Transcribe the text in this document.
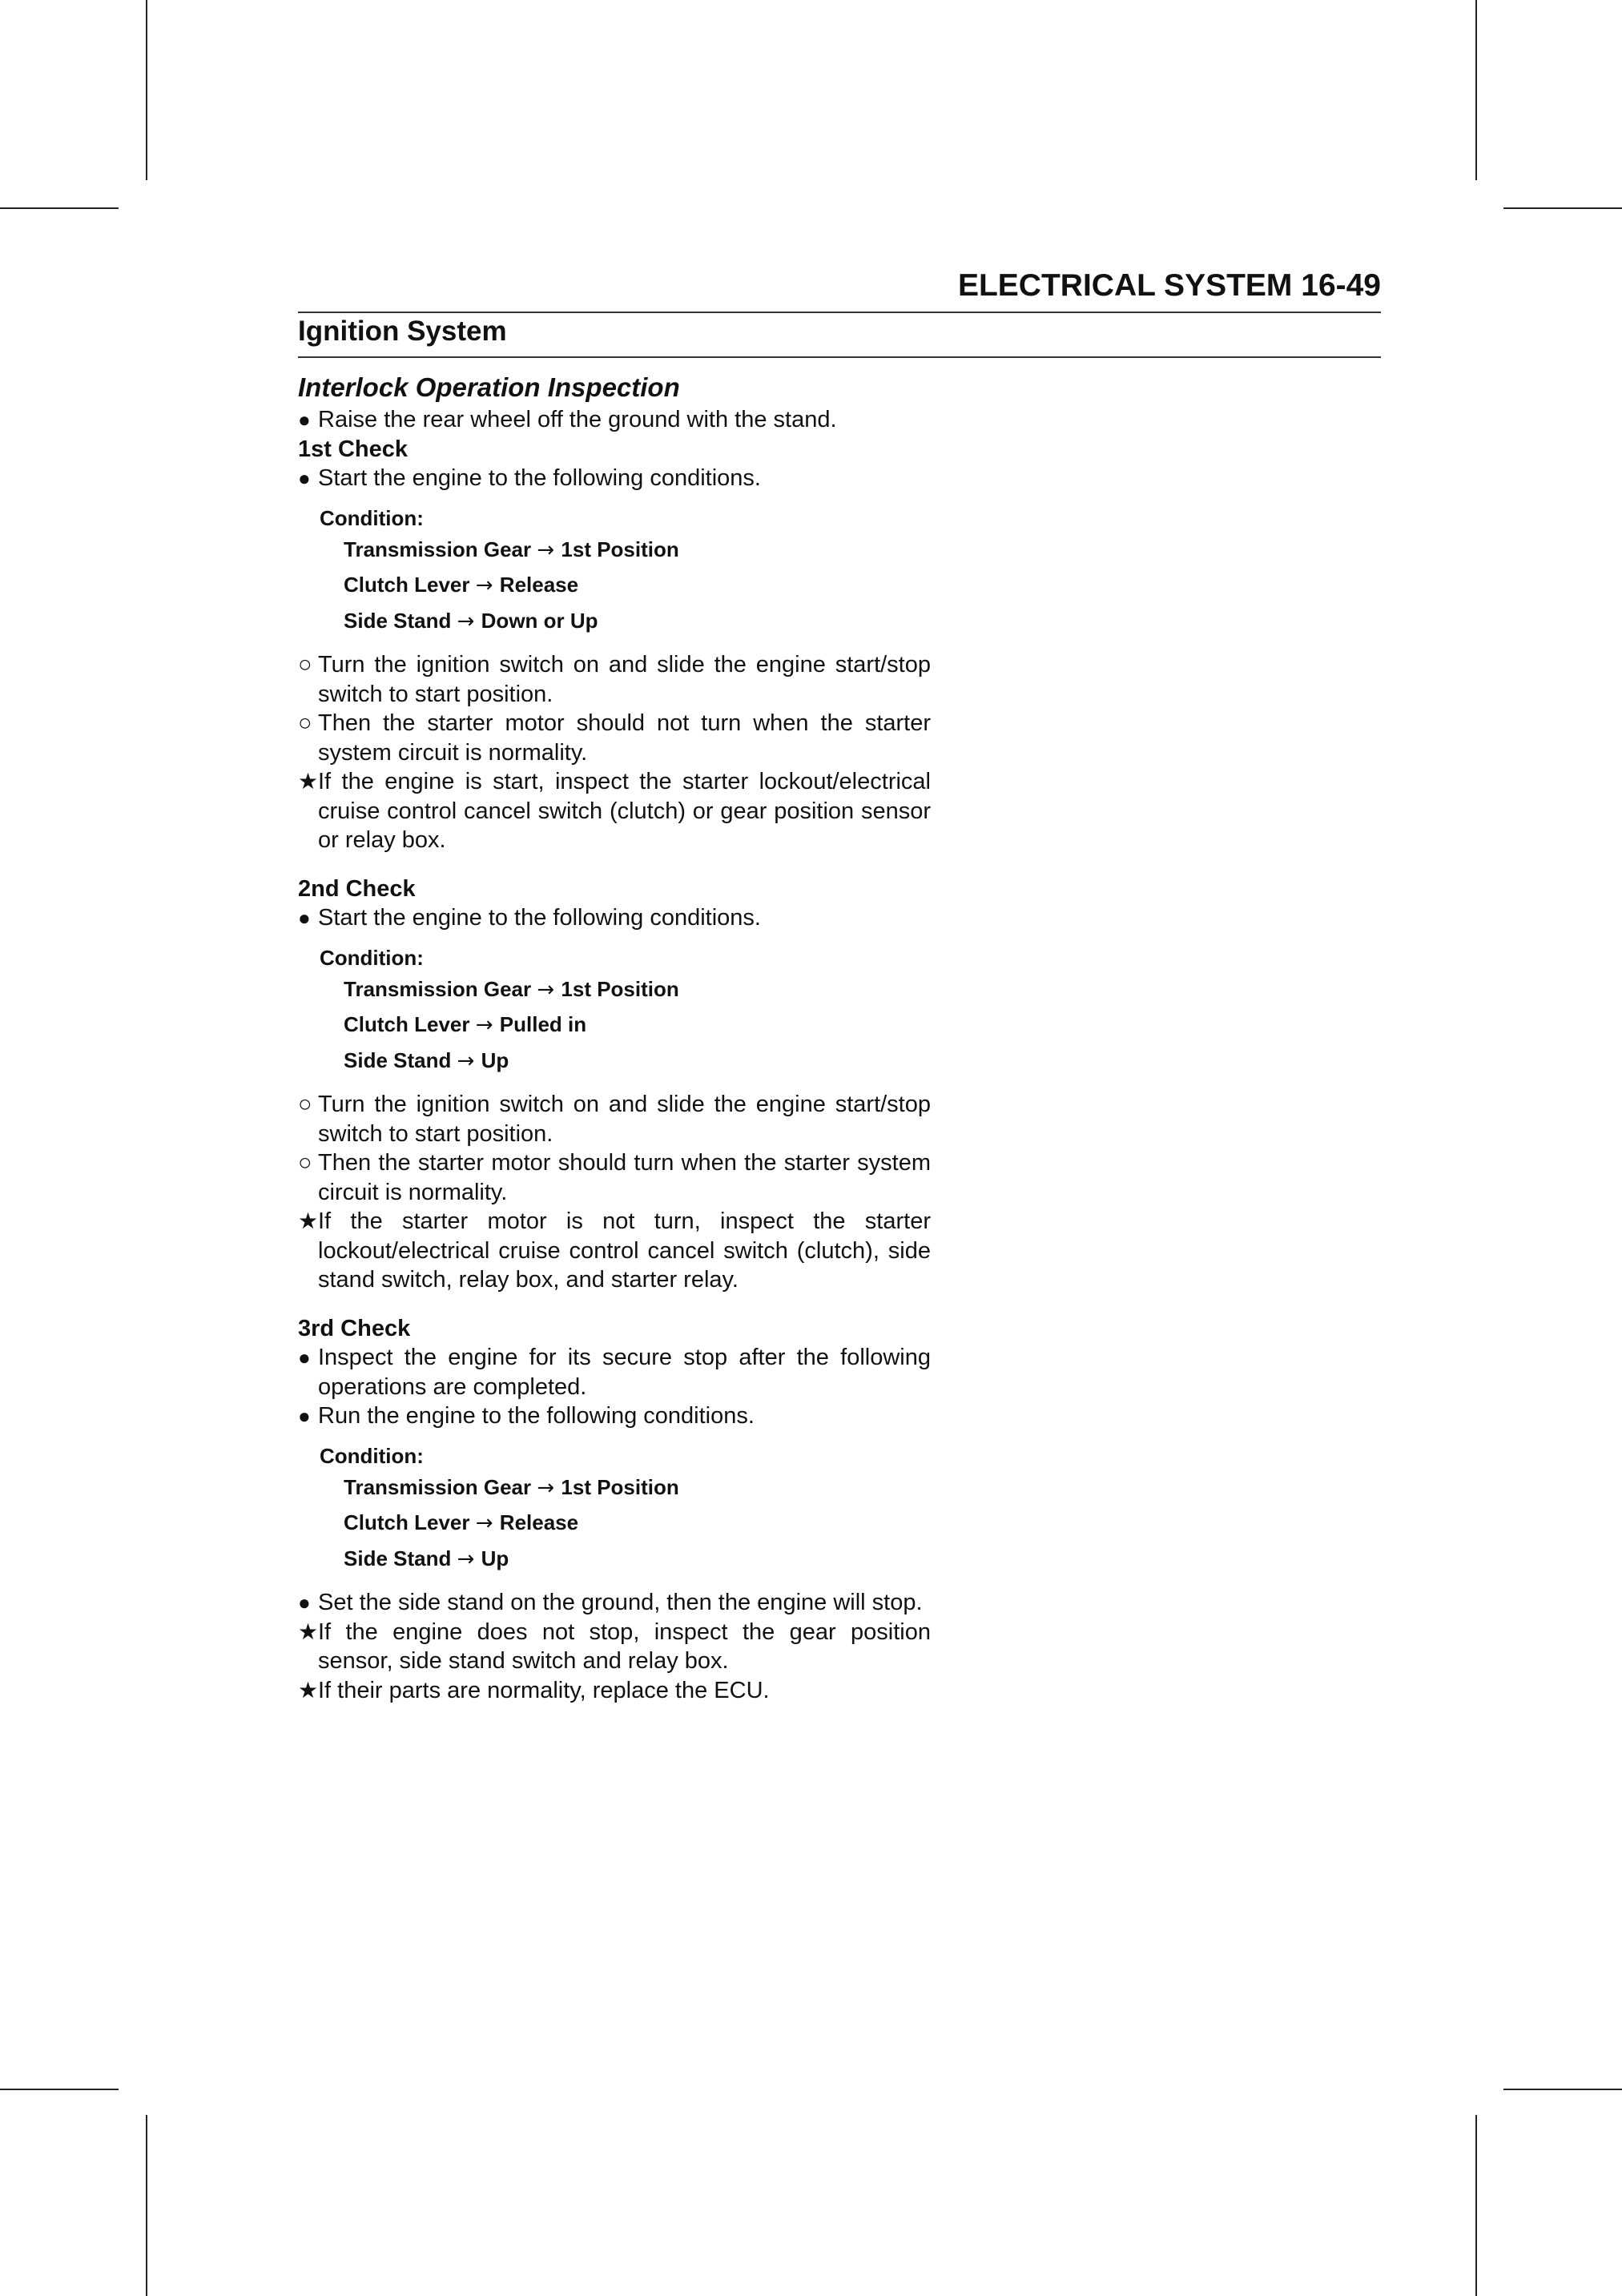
ELECTRICAL SYSTEM 16-49
Ignition System
Interlock Operation Inspection
● Raise the rear wheel off the ground with the stand.
1st Check
● Start the engine to the following conditions.
Condition:
Transmission Gear → 1st Position
Clutch Lever → Release
Side Stand → Down or Up
○ Turn the ignition switch on and slide the engine start/stop switch to start position.
○ Then the starter motor should not turn when the starter system circuit is normality.
★ If the engine is start, inspect the starter lockout/electrical cruise control cancel switch (clutch) or gear position sensor or relay box.
2nd Check
● Start the engine to the following conditions.
Condition:
Transmission Gear → 1st Position
Clutch Lever → Pulled in
Side Stand → Up
○ Turn the ignition switch on and slide the engine start/stop switch to start position.
○ Then the starter motor should turn when the starter system circuit is normality.
★ If the starter motor is not turn, inspect the starter lockout/electrical cruise control cancel switch (clutch), side stand switch, relay box, and starter relay.
3rd Check
● Inspect the engine for its secure stop after the following operations are completed.
● Run the engine to the following conditions.
Condition:
Transmission Gear → 1st Position
Clutch Lever → Release
Side Stand → Up
● Set the side stand on the ground, then the engine will stop.
★ If the engine does not stop, inspect the gear position sensor, side stand switch and relay box.
★ If their parts are normality, replace the ECU.
